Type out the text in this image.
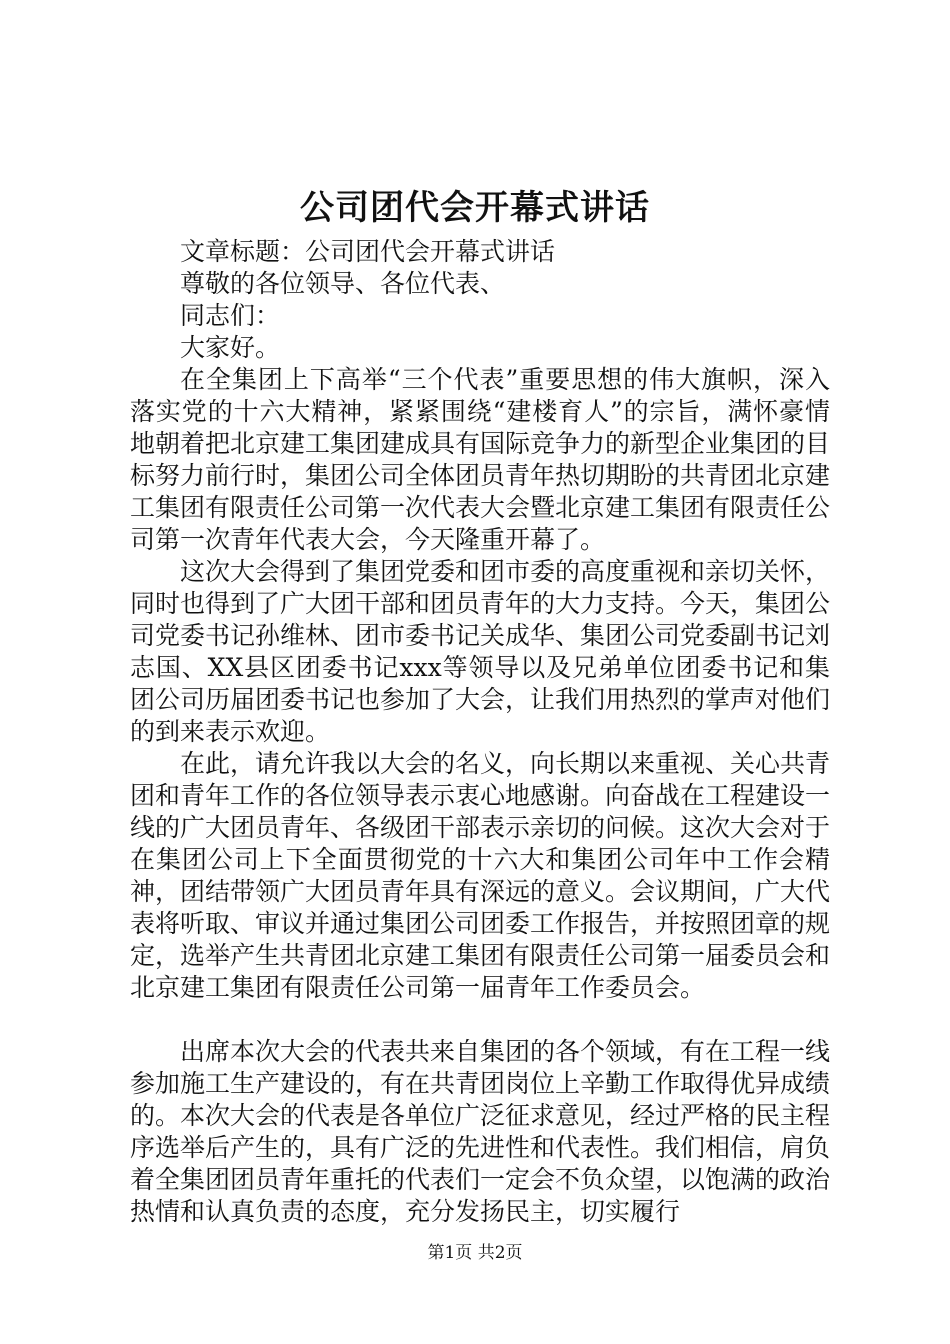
公司团代会开幕式讲话

文章标题：公司团代会开幕式讲话

尊敬的各位领导、各位代表、

同志们：

大家好。

在全集团上下高举“三个代表”重要思想的伟大旗帜，深入落实党的十六大精神，紧紧围绕“建楼育人”的宗旨，满怀豪情地朝着把北京建工集团建成具有国际竞争力的新型企业集团的目标努力前行时，集团公司全体团员青年热切期盼的共青团北京建工集团有限责任公司第一次代表大会暨北京建工集团有限责任公司第一次青年代表大会，今天隆重开幕了。

这次大会得到了集团党委和团市委的高度重视和亲切关怀，同时也得到了广大团干部和团员青年的大力支持。今天，集团公司党委书记孙维林、团市委书记关成华、集团公司党委副书记刘志国、XX县区团委书记xxx等领导以及兄弟单位团委书记和集团公司历届团委书记也参加了大会，让我们用热烈的掌声对他们的到来表示欢迎。

在此，请允许我以大会的名义，向长期以来重视、关心共青团和青年工作的各位领导表示衷心地感谢。向奋战在工程建设一线的广大团员青年、各级团干部表示亲切的问候。这次大会对于在集团公司上下全面贯彻党的十六大和集团公司年中工作会精神，团结带领广大团员青年具有深远的意义。会议期间，广大代表将听取、审议并通过集团公司团委工作报告，并按照团章的规定，选举产生共青团北京建工集团有限责任公司第一届委员会和北京建工集团有限责任公司第一届青年工作委员会。

出席本次大会的代表共来自集团的各个领域，有在工程一线参加施工生产建设的，有在共青团岗位上辛勤工作取得优异成绩的。本次大会的代表是各单位广泛征求意见，经过严格的民主程序选举后产生的，具有广泛的先进性和代表性。我们相信，肩负着全集团团员青年重托的代表们一定会不负众望，以饱满的政治热情和认真负责的态度，充分发扬民主，切实履行

第1页 共2页
